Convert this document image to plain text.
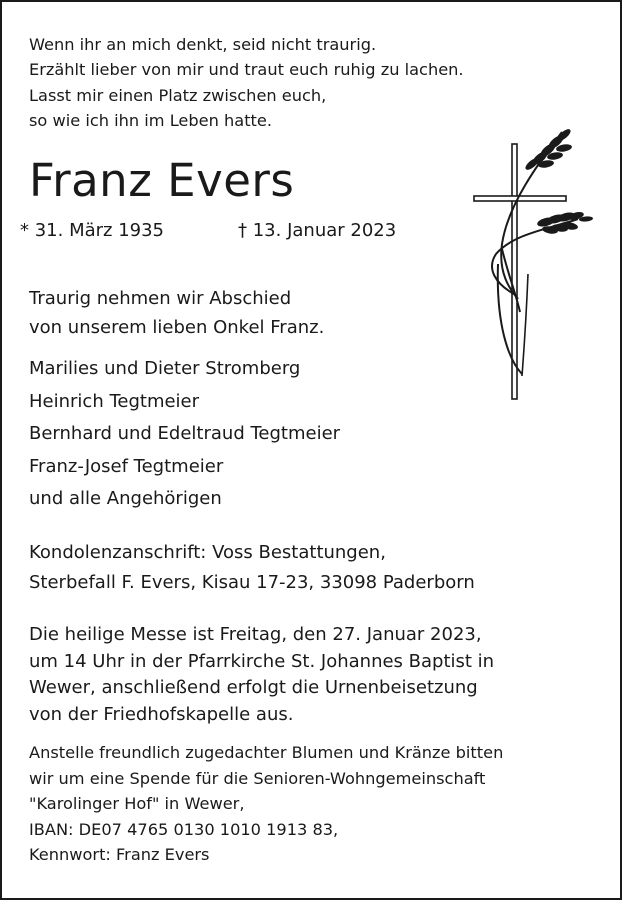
Wenn ihr an mich denkt, seid nicht traurig.
Erzählt lieber von mir und traut euch ruhig zu lachen.
Lasst mir einen Platz zwischen euch,
so wie ich ihn im Leben hatte.

Franz Evers
* 31. März 1935	† 13. Januar 2023

Traurig nehmen wir Abschied
von unserem lieben Onkel Franz.

Marilies und Dieter Stromberg
Heinrich Tegtmeier
Bernhard und Edeltraud Tegtmeier
Franz-Josef Tegtmeier
und alle Angehörigen

Kondolenzanschrift: Voss Bestattungen,
Sterbefall F. Evers, Kisau 17-23, 33098 Paderborn

Die heilige Messe ist Freitag, den 27. Januar 2023,
um 14 Uhr in der Pfarrkirche St. Johannes Baptist in
Wewer, anschließend erfolgt die Urnenbeisetzung
von der Friedhofskapelle aus.

Anstelle freundlich zugedachter Blumen und Kränze bitten
wir um eine Spende für die Senioren-Wohngemeinschaft
"Karolinger Hof" in Wewer,
IBAN: DE07 4765 0130 1010 1913 83,
Kennwort: Franz Evers
